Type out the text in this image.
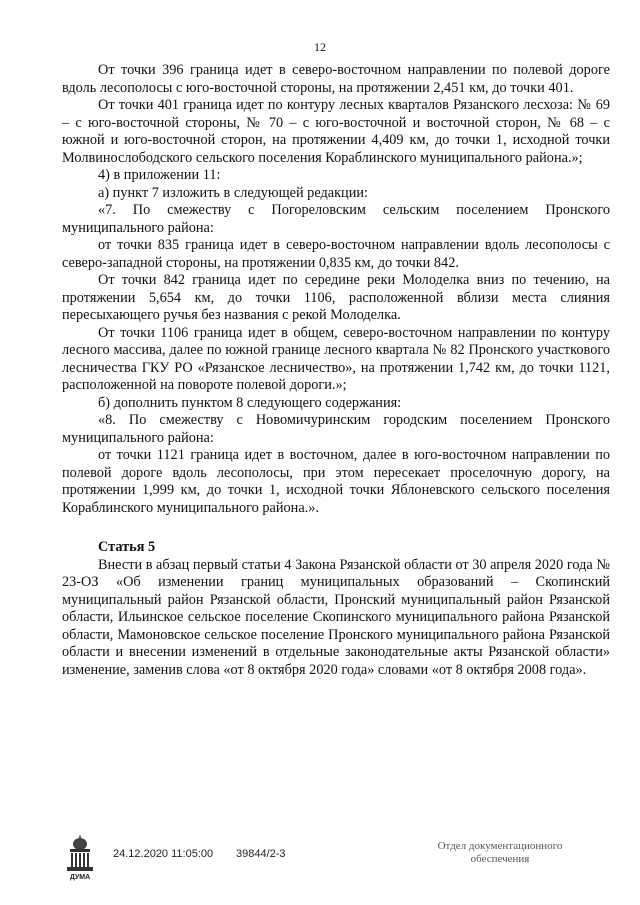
12

От точки 396 граница идет в северо-восточном направлении по полевой дороге вдоль лесополосы с юго-восточной стороны, на протяжении 2,451 км, до точки 401.

От точки 401 граница идет по контуру лесных кварталов Рязанского лесхоза: № 69 – с юго-восточной стороны, № 70 – с юго-восточной и восточной сторон, № 68 – с южной и юго-восточной сторон, на протяжении 4,409 км, до точки 1, исходной точки Молвинослободского сельского поселения Кораблинского муниципального района.»;

4) в приложении 11:

а) пункт 7 изложить в следующей редакции:

«7. По смежеству с Погореловским сельским поселением Пронского муниципального района:

от точки 835 граница идет в северо-восточном направлении вдоль лесополосы с северо-западной стороны, на протяжении 0,835 км, до точки 842.

От точки 842 граница идет по середине реки Молоделка вниз по течению, на протяжении 5,654 км, до точки 1106, расположенной вблизи места слияния пересыхающего ручья без названия с рекой Молоделка.

От точки 1106 граница идет в общем, северо-восточном направлении по контуру лесного массива, далее по южной границе лесного квартала № 82 Пронского участкового лесничества ГКУ РО «Рязанское лесничество», на протяжении 1,742 км, до точки 1121, расположенной на повороте полевой дороги.»;

б) дополнить пунктом 8 следующего содержания:

«8. По смежеству с Новомичуринским городским поселением Пронского муниципального района:

от точки 1121 граница идет в восточном, далее в юго-восточном направлении по полевой дороге вдоль лесополосы, при этом пересекает проселочную дорогу, на протяжении 1,999 км, до точки 1, исходной точки Яблоневского сельского поселения Кораблинского муниципального района.».

Статья 5

Внести в абзац первый статьи 4 Закона Рязанской области от 30 апреля 2020 года № 23-ОЗ «Об изменении границ муниципальных образований – Скопинский муниципальный район Рязанской области, Пронский муниципальный район Рязанской области, Ильинское сельское поселение Скопинского муниципального района Рязанской области, Мамоновское сельское поселение Пронского муниципального района Рязанской области и внесении изменений в отдельные законодательные акты Рязанской области» изменение, заменив слова «от 8 октября 2020 года» словами «от 8 октября 2008 года».

ДУМА
24.12.2020 11:05:00 39844/2-3
Отдел документационного
обеспечения
